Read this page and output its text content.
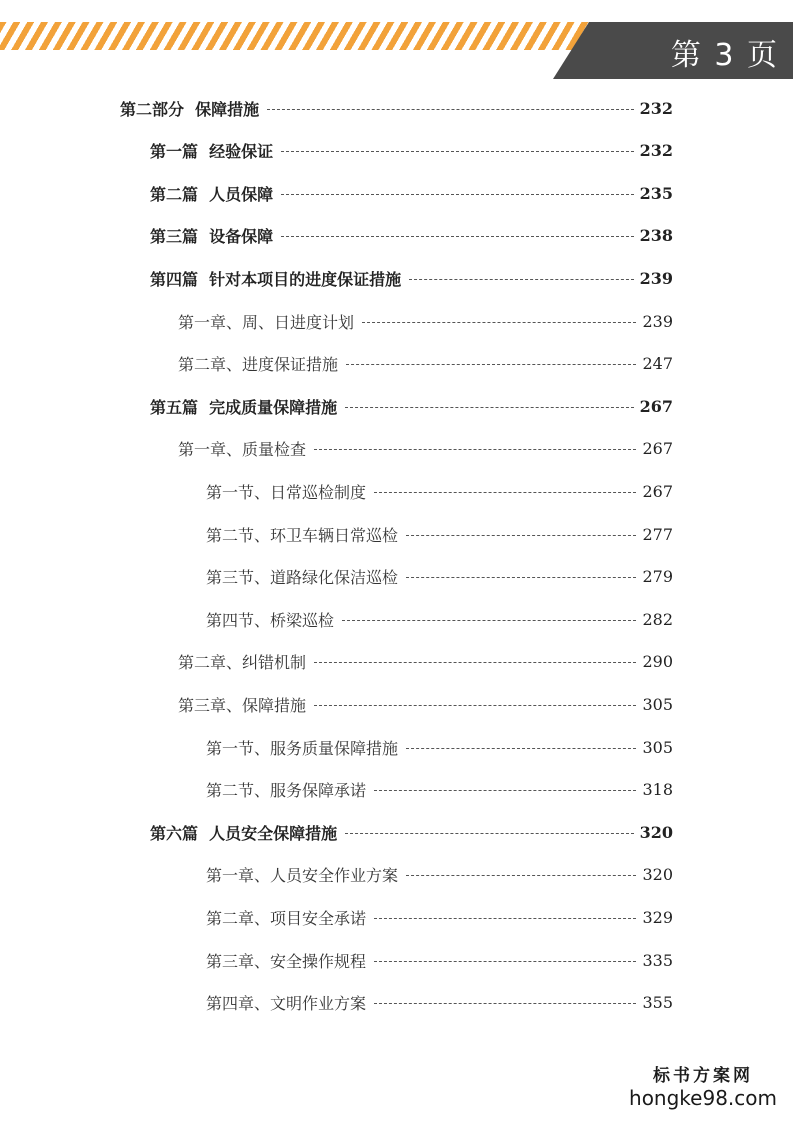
第 3 页
第二部分  保障措施	232
第一篇  经验保证	232
第二篇  人员保障	235
第三篇  设备保障	238
第四篇  针对本项目的进度保证措施	239
第一章、周、日进度计划	239
第二章、进度保证措施	247
第五篇  完成质量保障措施	267
第一章、质量检查	267
第一节、日常巡检制度	267
第二节、环卫车辆日常巡检	277
第三节、道路绿化保洁巡检	279
第四节、桥梁巡检	282
第二章、纠错机制	290
第三章、保障措施	305
第一节、服务质量保障措施	305
第二节、服务保障承诺	318
第六篇  人员安全保障措施	320
第一章、人员安全作业方案	320
第二章、项目安全承诺	329
第三章、安全操作规程	335
第四章、文明作业方案	355
标书方案网
hongke98.com
